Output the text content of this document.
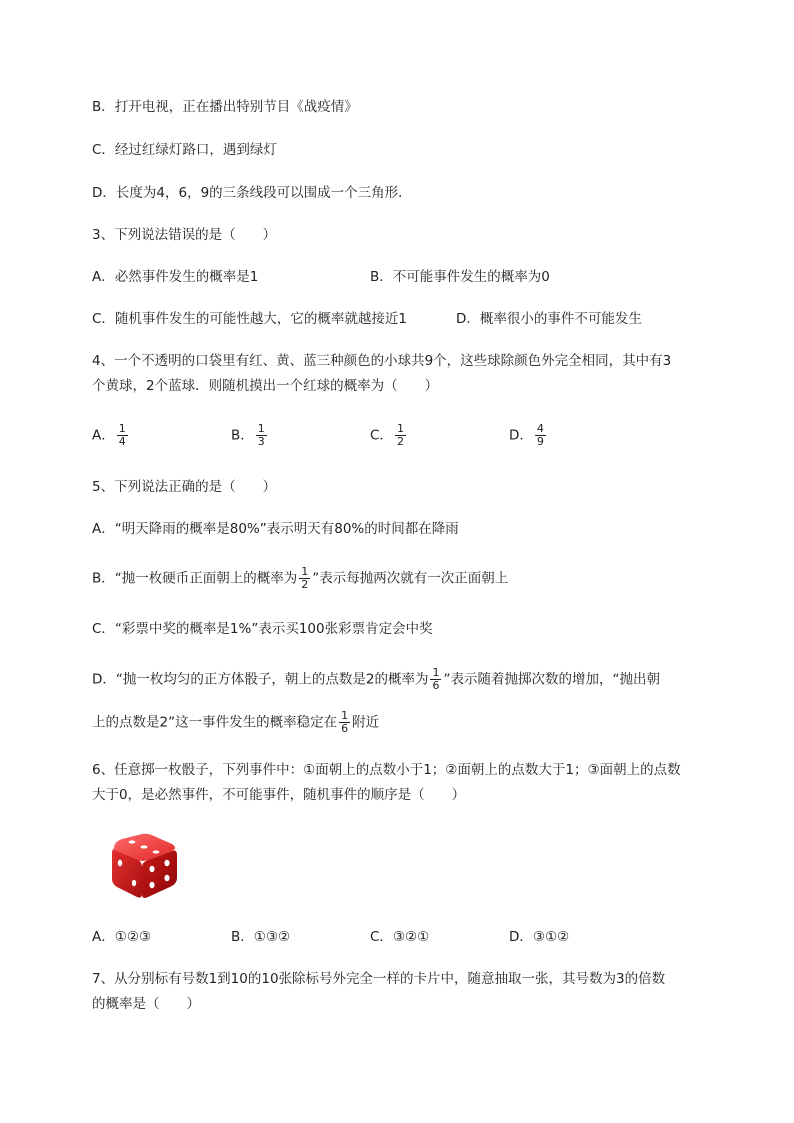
B．打开电视，正在播出特别节目《战疫情》
C．经过红绿灯路口，遇到绿灯
D．长度为4，6，9的三条线段可以围成一个三角形．
3、下列说法错误的是（　　）
A．必然事件发生的概率是1	B．不可能事件发生的概率为0
C．随机事件发生的可能性越大，它的概率就越接近1	D．概率很小的事件不可能发生
4、一个不透明的口袋里有红、黄、蓝三种颜色的小球共9个，这些球除颜色外完全相同，其中有3
个黄球，2个蓝球．则随机摸出一个红球的概率为（　　）
A． $\frac{1}{4}$	B． $\frac{1}{3}$	C． $\frac{1}{2}$	D． $\frac{4}{9}$
5、下列说法正确的是（　　）
A．“明天降雨的概率是80%”表示明天有80%的时间都在降雨
B．“抛一枚硬币正面朝上的概率为 $\frac{1}{2}$ ”表示每抛两次就有一次正面朝上
C．“彩票中奖的概率是1%”表示买100张彩票肯定会中奖
D．“抛一枚均匀的正方体骰子，朝上的点数是2的概率为 $\frac{1}{6}$ ”表示随着抛掷次数的增加，“抛出朝
上的点数是2”这一事件发生的概率稳定在 $\frac{1}{6}$ 附近
6、任意掷一枚骰子，下列事件中：①面朝上的点数小于1；②面朝上的点数大于1；③面朝上的点数
大于0，是必然事件，不可能事件，随机事件的顺序是（　　）
A．①②③	B．①③②	C．③②①	D．③①②
7、从分别标有号数1到10的10张除标号外完全一样的卡片中，随意抽取一张，其号数为3的倍数
的概率是（　　）
